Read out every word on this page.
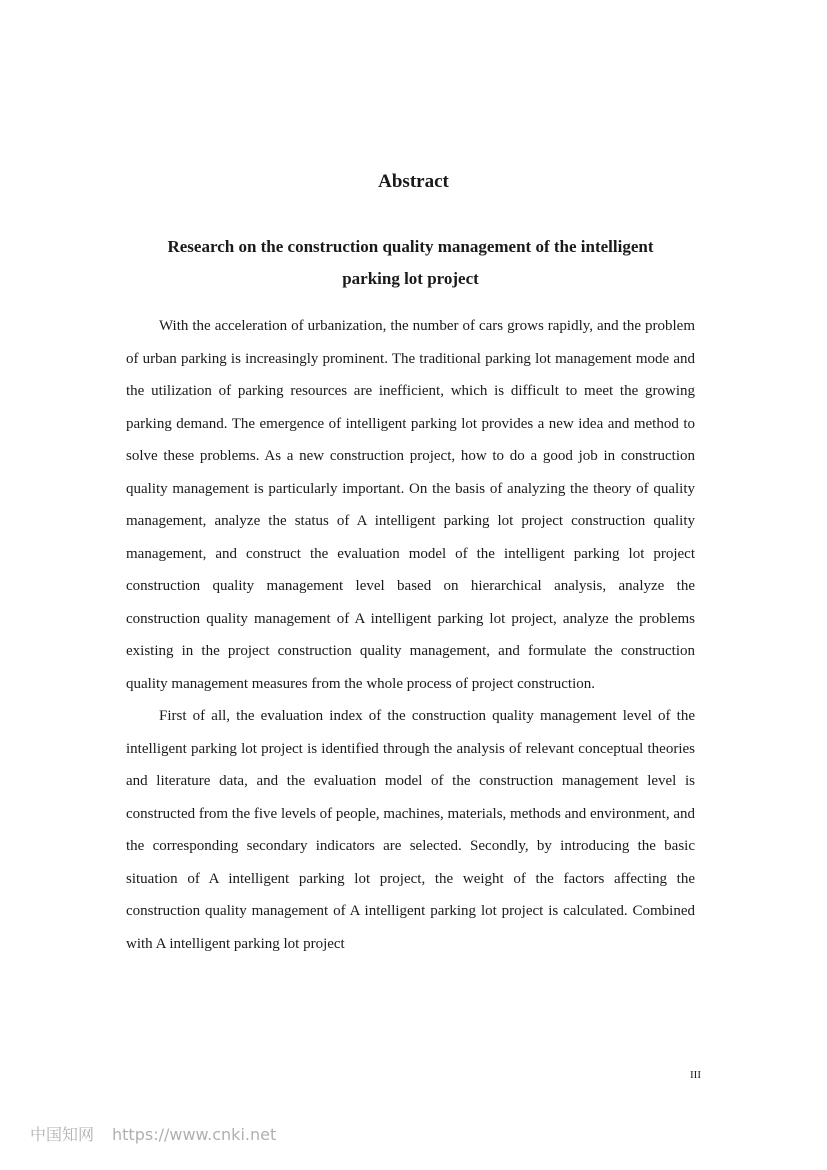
Abstract
Research on the construction quality management of the intelligent
parking lot project

With the acceleration of urbanization, the number of cars grows rapidly, and the problem of urban parking is increasingly prominent. The traditional parking lot management mode and the utilization of parking resources are inefficient, which is difficult to meet the growing parking demand. The emergence of intelligent parking lot provides a new idea and method to solve these problems. As a new construction project, how to do a good job in construction quality management is particularly important. On the basis of analyzing the theory of quality management, analyze the status of A intelligent parking lot project construction quality management, and construct the evaluation model of the intelligent parking lot project construction quality management level based on hierarchical analysis, analyze the construction quality management of A intelligent parking lot project, analyze the problems existing in the project construction quality management, and formulate the construction quality management measures from the whole process of project construction.

First of all, the evaluation index of the construction quality management level of the intelligent parking lot project is identified through the analysis of relevant conceptual theories and literature data, and the evaluation model of the construction management level is constructed from the five levels of people, machines, materials, methods and environment, and the corresponding secondary indicators are selected. Secondly, by introducing the basic situation of A intelligent parking lot project, the weight of the factors affecting the construction quality management of A intelligent parking lot project is calculated. Combined with A intelligent parking lot project

III
中国知网 https://www.cnki.net
